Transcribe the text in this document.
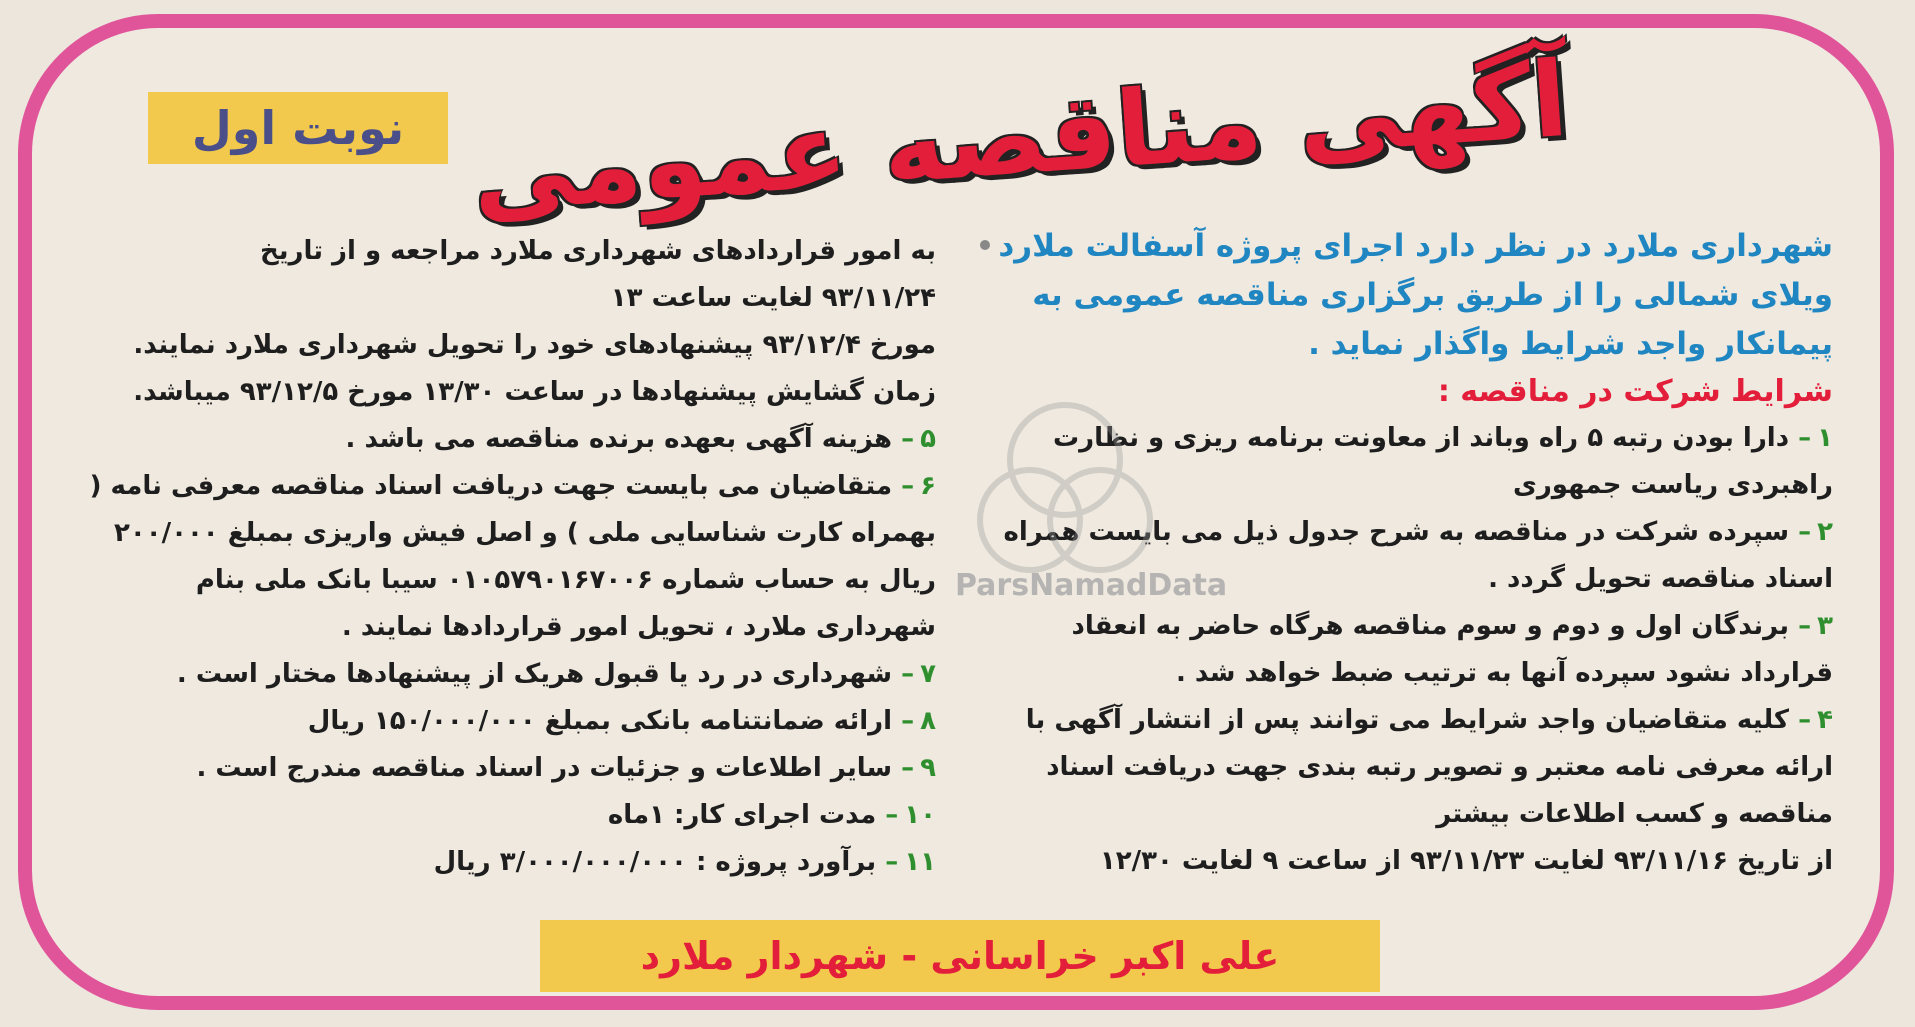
نوبت اول آگهی مناقصه عمومی

شهرداری ملارد در نظر دارد اجرای پروژه آسفالت ملارد ویلای شمالی را از طریق برگزاری مناقصه عمومی به پیمانکار واجد شرایط واگذار نماید .

شرایط شرکت در مناقصه :

۱– دارا بودن رتبه ۵ راه وباند از معاونت برنامه ریزی و نظارت راهبردی ریاست جمهوری

۲– سپرده شرکت در مناقصه به شرح جدول ذیل می بایست همراه اسناد مناقصه تحویل گردد .

۳– برندگان اول و دوم و سوم مناقصه هرگاه حاضر به انعقاد قرارداد نشود سپرده آنها به ترتیب ضبط خواهد شد .

۴– کلیه متقاضیان واجد شرایط می توانند پس از انتشار آگهی با ارائه معرفی نامه معتبر و تصویر رتبه بندی جهت دریافت اسناد مناقصه و کسب اطلاعات بیشتر

از تاریخ ۹۳/۱۱/۱۶ لغایت ۹۳/۱۱/۲۳ از ساعت ۹ لغایت ۱۲/۳۰

به امور قراردادهای شهرداری ملارد مراجعه و از تاریخ

۹۳/۱۱/۲۴ لغایت ساعت ۱۳

مورخ ۹۳/۱۲/۴ پیشنهادهای خود را تحویل شهرداری ملارد نمایند.

زمان گشایش پیشنهادها در ساعت ۱۳/۳۰ مورخ ۹۳/۱۲/۵ میباشد.

۵– هزینه آگهی بعهده برنده مناقصه می باشد .

۶– متقاضیان می بایست جهت دریافت اسناد مناقصه معرفی نامه ( بهمراه کارت شناسایی ملی ) و اصل فیش واریزی بمبلغ ۲۰۰/۰۰۰ ریال به حساب شماره ۰۱۰۵۷۹۰۱۶۷۰۰۶ سیبا بانک ملی بنام شهرداری ملارد ، تحویل امور قراردادها نمایند .

۷– شهرداری در رد یا قبول هریک از پیشنهادها مختار است .

۸– ارائه ضمانتنامه بانکی بمبلغ ۱۵۰/۰۰۰/۰۰۰ ریال

۹– سایر اطلاعات و جزئیات در اسناد مناقصه مندرج است .

۱۰– مدت اجرای کار: ۱ماه

۱۱– برآورد پروژه : ۳/۰۰۰/۰۰۰/۰۰۰ ریال

ParsNamadData
علی اکبر خراسانی - شهردار ملارد
